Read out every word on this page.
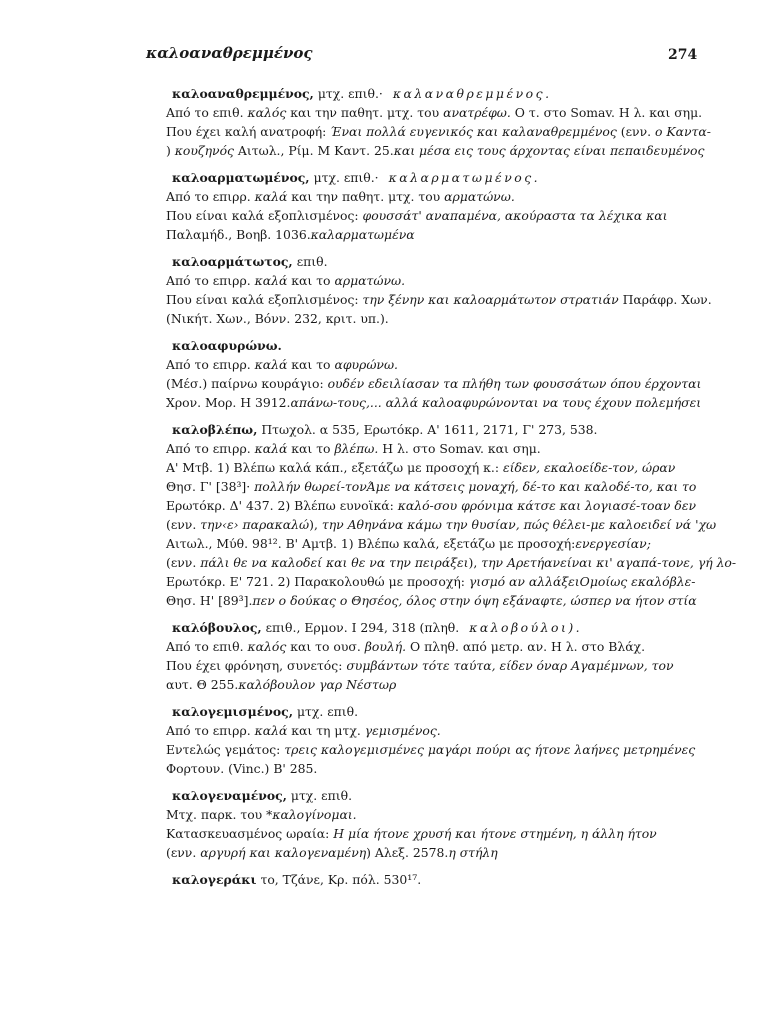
καλοαναθρεμμένος	274
καλοαναθρεμμένος, μτχ. επιθ.· καλαναθρεμμένος.
Από το επιθ. καλός και την παθητ. μτχ. του ανατρέφω. Ο τ. στο Somav. Η λ. και σημ.
Που έχει καλή ανατροφή: Έναι πολλά ευγενικός και καλαναθρεμμένος (ενν. ο Καντα-
) κουζηνός Αιτωλ., Ρίμ. Μ Καντ. 25.και μέσα εις τους άρχοντας είναι πεπαιδευμένος
καλοαρματωμένος, μτχ. επιθ.· καλαρματωμένος.
Από το επιρρ. καλά και την παθητ. μτχ. του αρματώνω.
Που είναι καλά εξοπλισμένος: φουσσάτ' αναπαμένα, ακούραστα τα λέχικα και
Παλαμήδ., Βοηβ. 1036.καλαρματωμένα
καλοαρμάτωτος, επιθ.
Από το επιρρ. καλά και το αρματώνω.
Που είναι καλά εξοπλισμένος: την ξένην και καλοαρμάτωτον στρατιάν Παράφρ. Χων.
(Νικήτ. Χων., Βόνν. 232, κριτ. υπ.).
καλοαφυρώνω.
Από το επιρρ. καλά και το αφυρώνω.
(Μέσ.) παίρνω κουράγιο: ουδέν εδειλίασαν τα πλήθη των φουσσάτων όπου έρχονται
Χρον. Μορ. Η 3912.απάνω-τους,... αλλά καλοαφυρώνονται να τους έχουν πολεμήσει
καλοβλέπω, Πτωχολ. α 535, Ερωτόκρ. Α' 1611, 2171, Γ' 273, 538.
Από το επιρρ. καλά και το βλέπω. Η λ. στο Somav. και σημ.
Α' Μτβ. 1) Βλέπω καλά κάπ., εξετάζω με προσοχή κ.: είδεν, εκαλοείδε-τον, ώραν
Θησ. Γ' [38³]· πολλήν θωρεί-τονΆμε να κάτσεις μοναχή, δέ-το και καλοδέ-το, και το
Ερωτόκρ. Δ' 437. 2) Βλέπω ευνοϊκά: καλό-σου φρόνιμα κάτσε και λογιασέ-τοαν δεν
(ενν. την‹ε› παρακαλώ), την Αθηνάνα κάμω την θυσίαν, πώς θέλει-με καλοειδεί νά 'χω
Αιτωλ., Μύθ. 98¹². Β' Αμτβ. 1) Βλέπω καλά, εξετάζω με προσοχή:ενεργεσίαν;
(ενν. πάλι θε να καλοδεί και θε να την πειράξει), την Αρετήανείναι κι' αγαπά-τονε, γή λο-
Ερωτόκρ. Ε' 721. 2) Παρακολουθώ με προσοχή: γισμό αν αλλάξειΟμοίως εκαλόβλε-
Θησ. Η' [89³].πεν ο δούκας ο Θησέος, όλος στην όψη εξάναφτε, ώσπερ να ήτον στία
καλόβουλος, επιθ., Ερμον. Ι 294, 318 (πληθ. καλοβούλοι).
Από το επιθ. καλός και το ουσ. βουλή. Ο πληθ. από μετρ. αν. Η λ. στο Βλάχ.
Που έχει φρόνηση, συνετός: συμβάντων τότε ταύτα, είδεν όναρ Αγαμέμνων, τον
αυτ. Θ 255.καλόβουλον γαρ Νέστωρ
καλογεμισμένος, μτχ. επιθ.
Από το επιρρ. καλά και τη μτχ. γεμισμένος.
Εντελώς γεμάτος: τρεις καλογεμισμένες μαγάρι πούρι ας ήτονε λαήνες μετρημένες
Φορτουν. (Vinc.) Β' 285.
καλογεναμένος, μτχ. επιθ.
Μτχ. παρκ. του *καλογίνομαι.
Κατασκευασμένος ωραία: Η μία ήτονε χρυσή και ήτονε στημένη, η άλλη ήτον
(ενν. αργυρή και καλογεναμένη) Αλεξ. 2578.η στήλη
καλογεράκι το, Τζάνε, Κρ. πόλ. 530¹⁷.
